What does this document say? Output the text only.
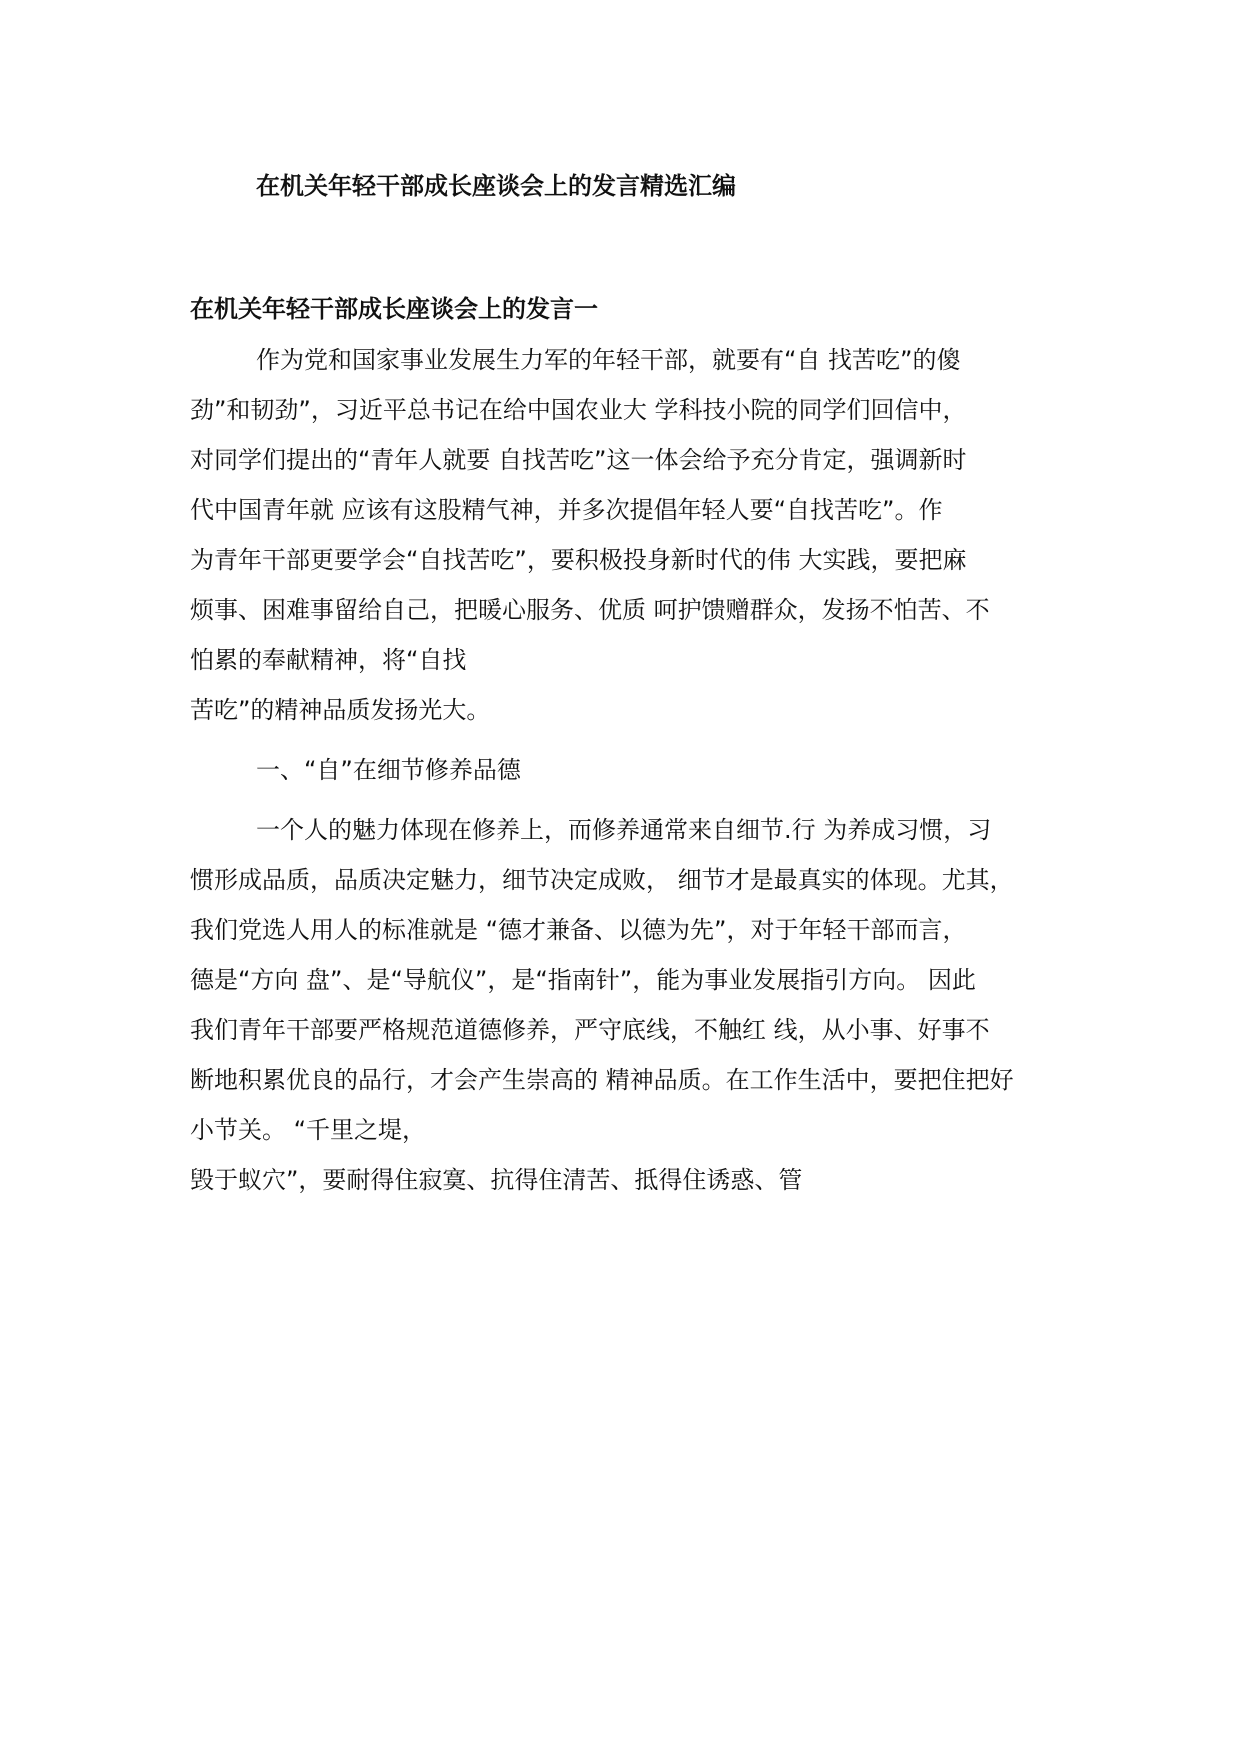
在机关年轻干部成长座谈会上的发言精选汇编
在机关年轻干部成长座谈会上的发言一
作为党和国家事业发展生力军的年轻干部，就要有“自 找苦吃”的傻
劲”和韧劲”，习近平总书记在给中国农业大 学科技小院的同学们回信中，
对同学们提出的“青年人就要 自找苦吃”这一体会给予充分肯定，强调新时
代中国青年就 应该有这股精气神，并多次提倡年轻人要“自找苦吃”。作
为青年干部更要学会“自找苦吃”，要积极投身新时代的伟 大实践，要把麻
烦事、困难事留给自己，把暖心服务、优质 呵护馈赠群众，发扬不怕苦、不
怕累的奉献精神，将“自找
苦吃”的精神品质发扬光大。
一、“自”在细节修养品德
一个人的魅力体现在修养上，而修养通常来自细节.行 为养成习惯，习
惯形成品质，品质决定魅力，细节决定成败， 细节才是最真实的体现。尤其，
我们党选人用人的标准就是 “德才兼备、以德为先”，对于年轻干部而言，
德是“方向 盘”、是“导航仪”，是“指南针”，能为事业发展指引方向。 因此
我们青年干部要严格规范道德修养，严守底线，不触红 线，从小事、好事不
断地积累优良的品行，才会产生崇高的 精神品质。在工作生活中，要把住把好
小节关。 “千里之堤，
毁于蚁穴”，要耐得住寂寞、抗得住清苦、抵得住诱惑、管
